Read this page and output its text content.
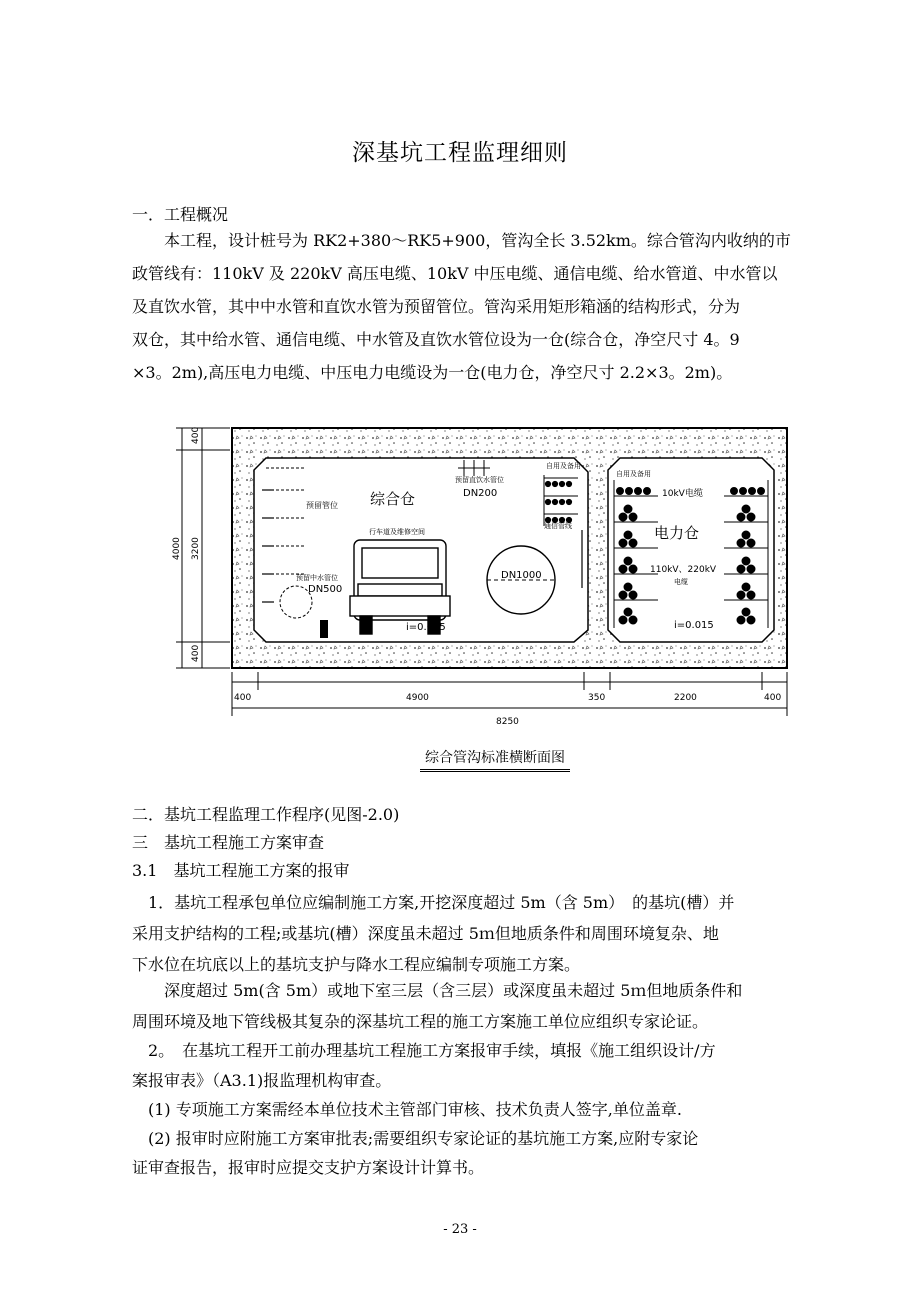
深基坑工程监理细则

一．工程概况

本工程，设计桩号为 RK2+380～RK5+900，管沟全长 3.52km。综合管沟内收纳的市

政管线有：110kV 及 220kV 高压电缆、10kV 中压电缆、通信电缆、给水管道、中水管以

及直饮水管，其中中水管和直饮水管为预留管位。管沟采用矩形箱涵的结构形式，分为

双仓，其中给水管、通信电缆、中水管及直饮水管位设为一仓(综合仓，净空尺寸 4。9

×3。2m),高压电力电缆、中压电力电缆设为一仓(电力仓，净空尺寸 2.2×3。2m)。

预留管位 综合仓
预留直饮水管位
DN200
行车道及维修空间
预留中水管位
DN500
DN1000
i=0.015
自用及备用
通信管线
自用及备用
10kV电缆
电力仓
110kV、220kV
电缆
i=0.015
400
3200
400
4000
400	4900	350	2200	400
8250
综合管沟标准横断面图

二．基坑工程监理工作程序(见图-2.0)

三　基坑工程施工方案审查

3.1　基坑工程施工方案的报审

1．基坑工程承包单位应编制施工方案,开挖深度超过 5m（含 5m）　的基坑(槽）并

采用支护结构的工程;或基坑(槽）深度虽未超过 5ｍ但地质条件和周围环境复杂、地

下水位在坑底以上的基坑支护与降水工程应编制专项施工方案。

深度超过 5m(含 5m）或地下室三层（含三层）或深度虽未超过 5ｍ但地质条件和

周围环境及地下管线极其复杂的深基坑工程的施工方案施工单位应组织专家论证。

2。　在基坑工程开工前办理基坑工程施工方案报审手续，填报《施工组织设计/方

案报审表》（A3.1)报监理机构审查。

(1) 专项施工方案需经本单位技术主管部门审核、技术负责人签字,单位盖章.

(2) 报审时应附施工方案审批表;需要组织专家论证的基坑施工方案,应附专家论

证审查报告，报审时应提交支护方案设计计算书。

- 23 -
